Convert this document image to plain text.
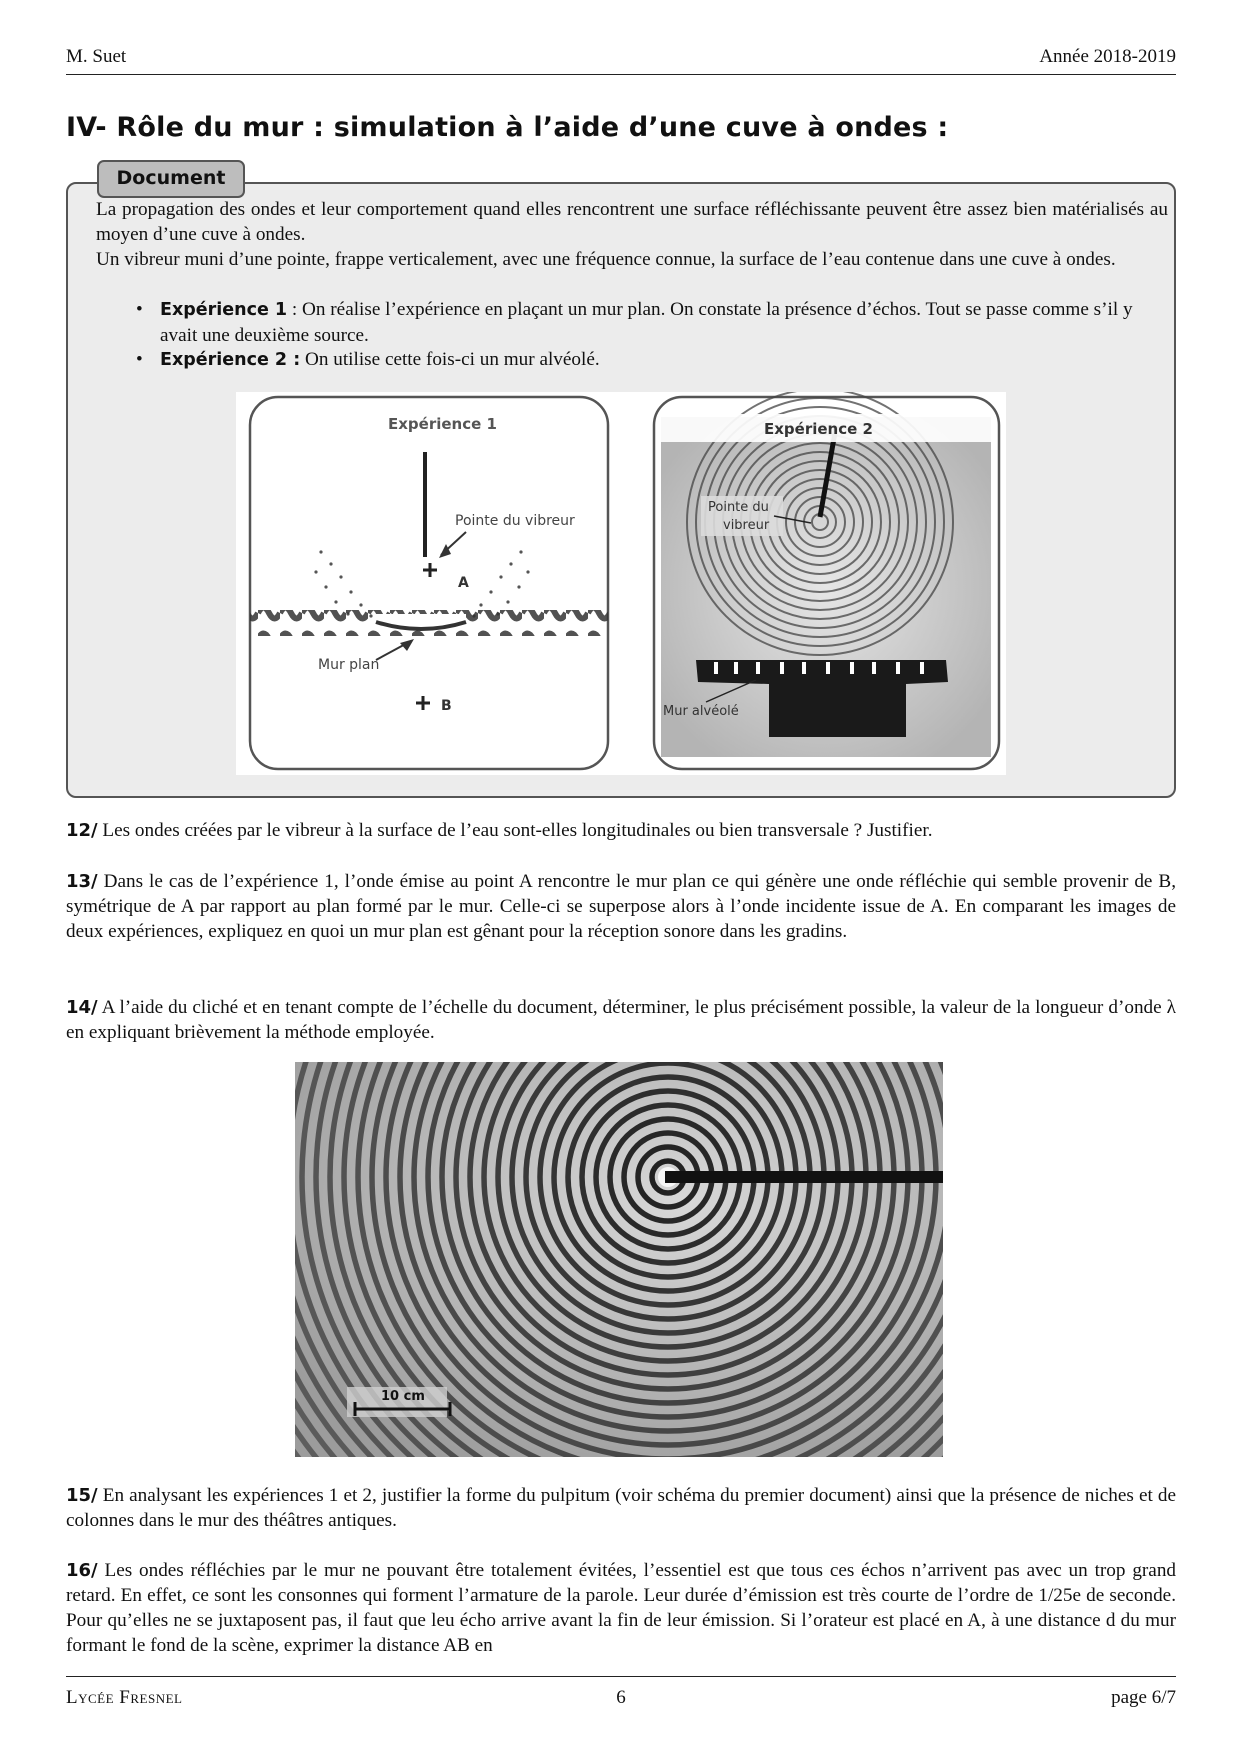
M. Suet	Année 2018-2019
IV- Rôle du mur : simulation à l’aide d’une cuve à ondes :
Document
La propagation des ondes et leur comportement quand elles rencontrent une surface réfléchissante peuvent être assez bien matérialisés au moyen d’une cuve à ondes.
Un vibreur muni d’une pointe, frappe verticalement, avec une fréquence connue, la surface de l’eau contenue dans une cuve à ondes.
• Expérience 1 : On réalise l’expérience en plaçant un mur plan. On constate la présence d’échos. Tout se passe comme s’il y avait une deuxième source.
• Expérience 2 : On utilise cette fois-ci un mur alvéolé.
Expérience 1
Pointe du vibreur
A
Mur plan
B
Expérience 2
Pointe du
vibreur
Mur alvéolé
12/ Les ondes créées par le vibreur à la surface de l’eau sont-elles longitudinales ou bien transversale ? Justifier.
13/ Dans le cas de l’expérience 1, l’onde émise au point A rencontre le mur plan ce qui génère une onde réfléchie qui semble provenir de B, symétrique de A par rapport au plan formé par le mur. Celle-ci se superpose alors à l’onde incidente issue de A. En comparant les images de deux expériences, expliquez en quoi un mur plan est gênant pour la réception sonore dans les gradins.
14/ A l’aide du cliché et en tenant compte de l’échelle du document, déterminer, le plus précisément possible, la valeur de la longueur d’onde λ en expliquant brièvement la méthode employée.
10 cm
15/ En analysant les expériences 1 et 2, justifier la forme du pulpitum (voir schéma du premier document) ainsi que la présence de niches et de colonnes dans le mur des théâtres antiques.
16/ Les ondes réfléchies par le mur ne pouvant être totalement évitées, l’essentiel est que tous ces échos n’arrivent pas avec un trop grand retard. En effet, ce sont les consonnes qui forment l’armature de la parole. Leur durée d’émission est très courte de l’ordre de 1/25e de seconde. Pour qu’elles ne se juxtaposent pas, il faut que leu écho arrive avant la fin de leur émission. Si l’orateur est placé en A, à une distance d du mur formant le fond de la scène, exprimer la distance AB en
Lycée Fresnel	6	page 6/7
